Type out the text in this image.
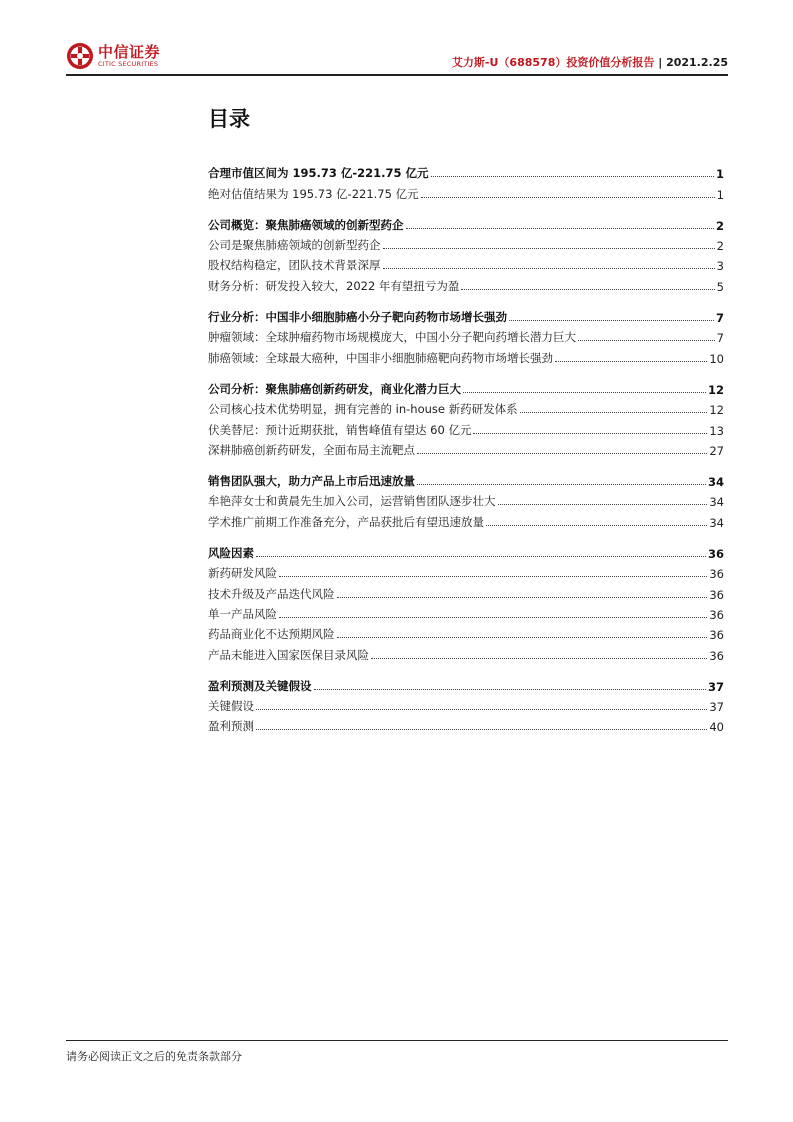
中信证券
CITIC SECURITIES	艾力斯-U（688578）投资价值分析报告 | 2021.2.25
目录
合理市值区间为 195.73 亿-221.75 亿元	1
绝对估值结果为 195.73 亿-221.75 亿元	1
公司概览：聚焦肺癌领域的创新型药企	2
公司是聚焦肺癌领域的创新型药企	2
股权结构稳定，团队技术背景深厚	3
财务分析：研发投入较大，2022 年有望扭亏为盈	5
行业分析：中国非小细胞肺癌小分子靶向药物市场增长强劲	7
肿瘤领域：全球肿瘤药物市场规模庞大，中国小分子靶向药增长潜力巨大	7
肺癌领域：全球最大癌种，中国非小细胞肺癌靶向药物市场增长强劲	10
公司分析：聚焦肺癌创新药研发，商业化潜力巨大	12
公司核心技术优势明显，拥有完善的 in-house 新药研发体系	12
伏美替尼：预计近期获批，销售峰值有望达 60 亿元	13
深耕肺癌创新药研发，全面布局主流靶点	27
销售团队强大，助力产品上市后迅速放量	34
牟艳萍女士和黄晨先生加入公司，运营销售团队逐步壮大	34
学术推广前期工作准备充分，产品获批后有望迅速放量	34
风险因素	36
新药研发风险	36
技术升级及产品迭代风险	36
单一产品风险	36
药品商业化不达预期风险	36
产品未能进入国家医保目录风险	36
盈利预测及关键假设	37
关键假设	37
盈利预测	40
请务必阅读正文之后的免责条款部分
